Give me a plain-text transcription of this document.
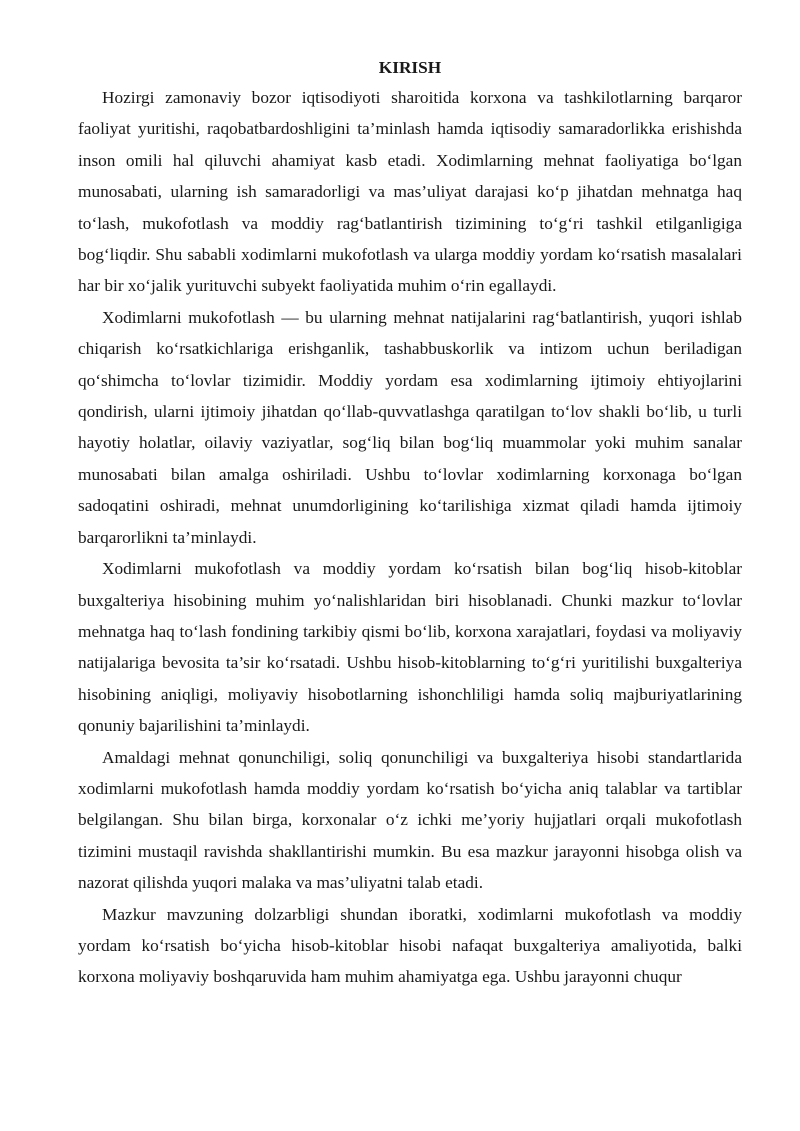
KIRISH

Hozirgi zamonaviy bozor iqtisodiyoti sharoitida korxona va tashkilotlarning barqaror faoliyat yuritishi, raqobatbardoshligini ta’minlash hamda iqtisodiy samaradorlikka erishishda inson omili hal qiluvchi ahamiyat kasb etadi. Xodimlarning mehnat faoliyatiga bo‘lgan munosabati, ularning ish samaradorligi va mas’uliyat darajasi ko‘p jihatdan mehnatga haq to‘lash, mukofotlash va moddiy rag‘batlantirish tizimining to‘g‘ri tashkil etilganligiga bog‘liqdir. Shu sababli xodimlarni mukofotlash va ularga moddiy yordam ko‘rsatish masalalari har bir xo‘jalik yurituvchi subyekt faoliyatida muhim o‘rin egallaydi.

Xodimlarni mukofotlash — bu ularning mehnat natijalarini rag‘batlantirish, yuqori ishlab chiqarish ko‘rsatkichlariga erishganlik, tashabbuskorlik va intizom uchun beriladigan qo‘shimcha to‘lovlar tizimidir. Moddiy yordam esa xodimlarning ijtimoiy ehtiyojlarini qondirish, ularni ijtimoiy jihatdan qo‘llab-quvvatlashga qaratilgan to‘lov shakli bo‘lib, u turli hayotiy holatlar, oilaviy vaziyatlar, sog‘liq bilan bog‘liq muammolar yoki muhim sanalar munosabati bilan amalga oshiriladi. Ushbu to‘lovlar xodimlarning korxonaga bo‘lgan sadoqatini oshiradi, mehnat unumdorligining ko‘tarilishiga xizmat qiladi hamda ijtimoiy barqarorlikni ta’minlaydi.

Xodimlarni mukofotlash va moddiy yordam ko‘rsatish bilan bog‘liq hisob-kitoblar buxgalteriya hisobining muhim yo‘nalishlaridan biri hisoblanadi. Chunki mazkur to‘lovlar mehnatga haq to‘lash fondining tarkibiy qismi bo‘lib, korxona xarajatlari, foydasi va moliyaviy natijalariga bevosita ta’sir ko‘rsatadi. Ushbu hisob-kitoblarning to‘g‘ri yuritilishi buxgalteriya hisobining aniqligi, moliyaviy hisobotlarning ishonchliligi hamda soliq majburiyatlarining qonuniy bajarilishini ta’minlaydi.

Amaldagi mehnat qonunchiligi, soliq qonunchiligi va buxgalteriya hisobi standartlarida xodimlarni mukofotlash hamda moddiy yordam ko‘rsatish bo‘yicha aniq talablar va tartiblar belgilangan. Shu bilan birga, korxonalar o‘z ichki me’yoriy hujjatlari orqali mukofotlash tizimini mustaqil ravishda shakllantirishi mumkin. Bu esa mazkur jarayonni hisobga olish va nazorat qilishda yuqori malaka va mas’uliyatni talab etadi.

Mazkur mavzuning dolzarbligi shundan iboratki, xodimlarni mukofotlash va moddiy yordam ko‘rsatish bo‘yicha hisob-kitoblar hisobi nafaqat buxgalteriya amaliyotida, balki korxona moliyaviy boshqaruvida ham muhim ahamiyatga ega. Ushbu jarayonni chuqur
